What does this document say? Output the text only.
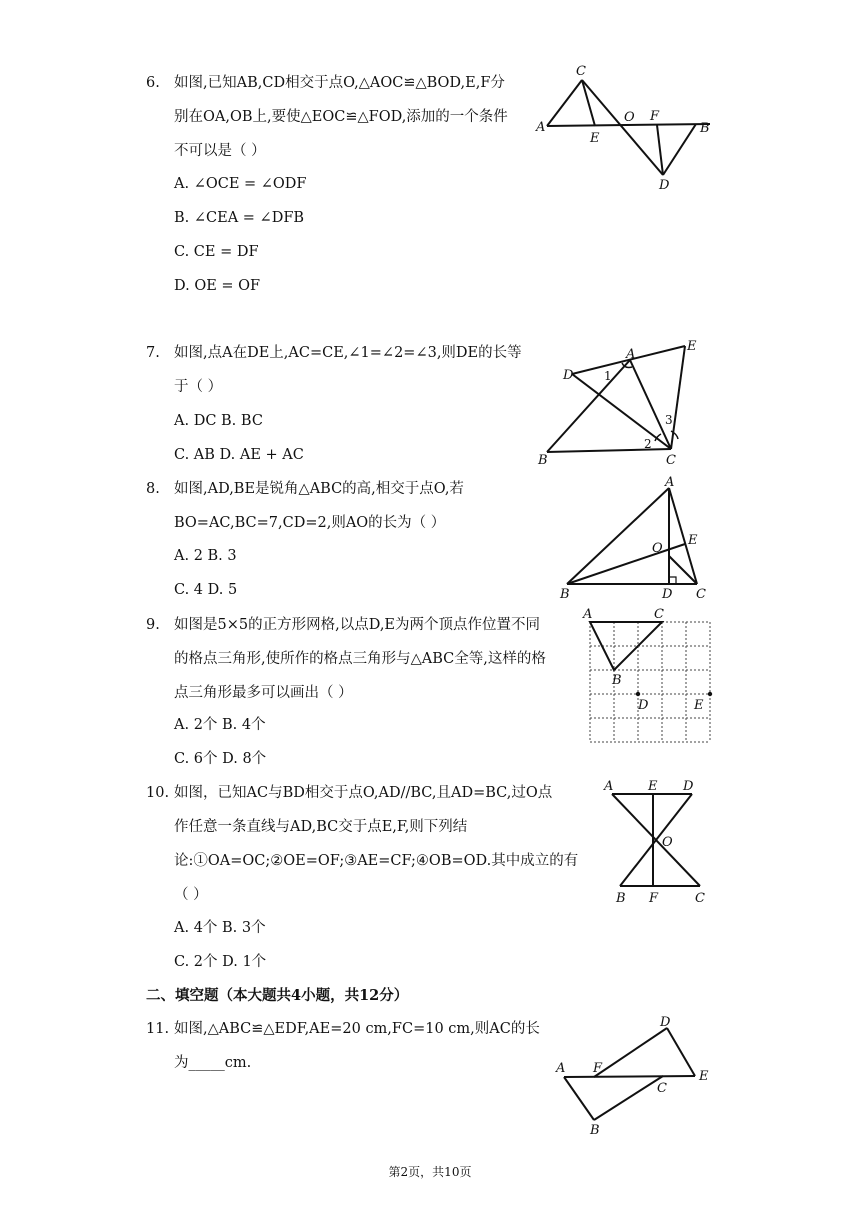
6. 如图,已知AB,CD相交于点O,△AOC≌△BOD,E,F分
别在OA,OB上,要使△EOC≌△FOD,添加的一个条件
不可以是（ ）
A. ∠OCE = ∠ODF
B. ∠CEA = ∠DFB
C. CE = DF
D. OE = OF
C
A
E
O F
B
D
7. 如图,点A在DE上,AC=CE,∠1=∠2=∠3,则DE的长等
于（ ）
A. DC B. BC
C. AB D. AE + AC
D
A
E
1
2
3
B	C
8. 如图,AD,BE是锐角△ABC的高,相交于点O,若
BO=AC,BC=7,CD=2,则AO的长为（ ）
A. 2 B. 3
C. 4 D. 5
A
O
E
B	D C
9. 如图是5×5的正方形网格,以点D,E为两个顶点作位置不同
的格点三角形,使所作的格点三角形与△ABC全等,这样的格
点三角形最多可以画出（ ）
A. 2个 B. 4个
C. 6个 D. 8个
A	C
B
D	E
10. 如图，已知AC与BD相交于点O,AD//BC,且AD=BC,过O点
作任意一条直线与AD,BC交于点E,F,则下列结
论:①OA=OC;②OE=OF;③AE=CF;④OB=OD.其中成立的有
（ ）
A. 4个 B. 3个
C. 2个 D. 1个
A	E D
O
B F	C
二、填空题（本大题共4小题，共12分）
11. 如图,△ABC≌△EDF,AE=20 cm,FC=10 cm,则AC的长
为_____cm.	A F
D
C
E
B
第2页，共10页
